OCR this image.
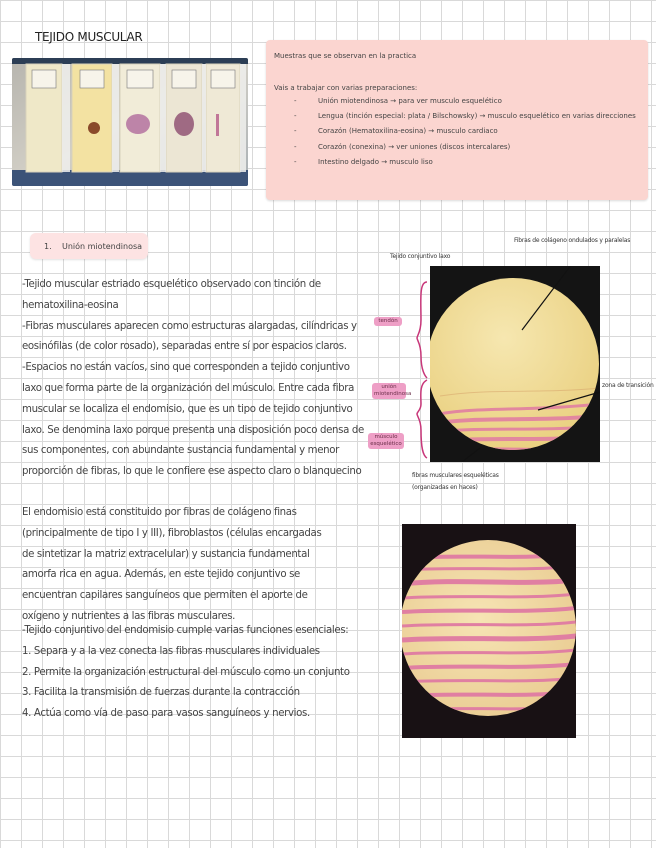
TEJIDO MUSCULAR
Muestras que se observan en la practica
Vais a trabajar con varias preparaciones:
-	Unión miotendinosa → para ver musculo esquelético
-	Lengua (tinción especial: plata / Bilschowsky) → musculo esquelético en varias direcciones
-	Corazón (Hematoxilina-eosina) → musculo cardiaco
-	Corazón (conexina) → ver uniones (discos intercalares)
-	Intestino delgado → musculo liso
1. Unión miotendinosa
-Tejido muscular estriado esquelético observado con tinción de
hematoxilina-eosina
-Fibras musculares aparecen como estructuras alargadas, cilíndricas y
eosinófilas (de color rosado), separadas entre sí por espacios claros.
-Espacios no están vacíos, sino que corresponden a tejido conjuntivo
laxo que forma parte de la organización del músculo. Entre cada fibra
muscular se localiza el endomisio, que es un tipo de tejido conjuntivo
laxo. Se denomina laxo porque presenta una disposición poco densa de
sus componentes, con abundante sustancia fundamental y menor
proporción de fibras, lo que le confiere ese aspecto claro o blanquecino
El endomisio está constituido por fibras de colágeno finas
(principalmente de tipo I y III), fibroblastos (células encargadas
de sintetizar la matriz extracelular) y sustancia fundamental
amorfa rica en agua. Además, en este tejido conjuntivo se
encuentran capilares sanguíneos que permiten el aporte de
oxígeno y nutrientes a las fibras musculares.
-Tejido conjuntivo del endomisio cumple varias funciones esenciales:
1. Separa y a la vez conecta las fibras musculares individuales
2. Permite la organización estructural del músculo como un conjunto
3. Facilita la transmisión de fuerzas durante la contracción
4. Actúa como vía de paso para vasos sanguíneos y nervios.
tendón
unión miotendinosa
músculo esquelético
Tejido conjuntivo laxo
Fibras de colágeno ondulados y paralelas
zona de transición
fibras musculares esqueléticas
(organizadas en haces)
